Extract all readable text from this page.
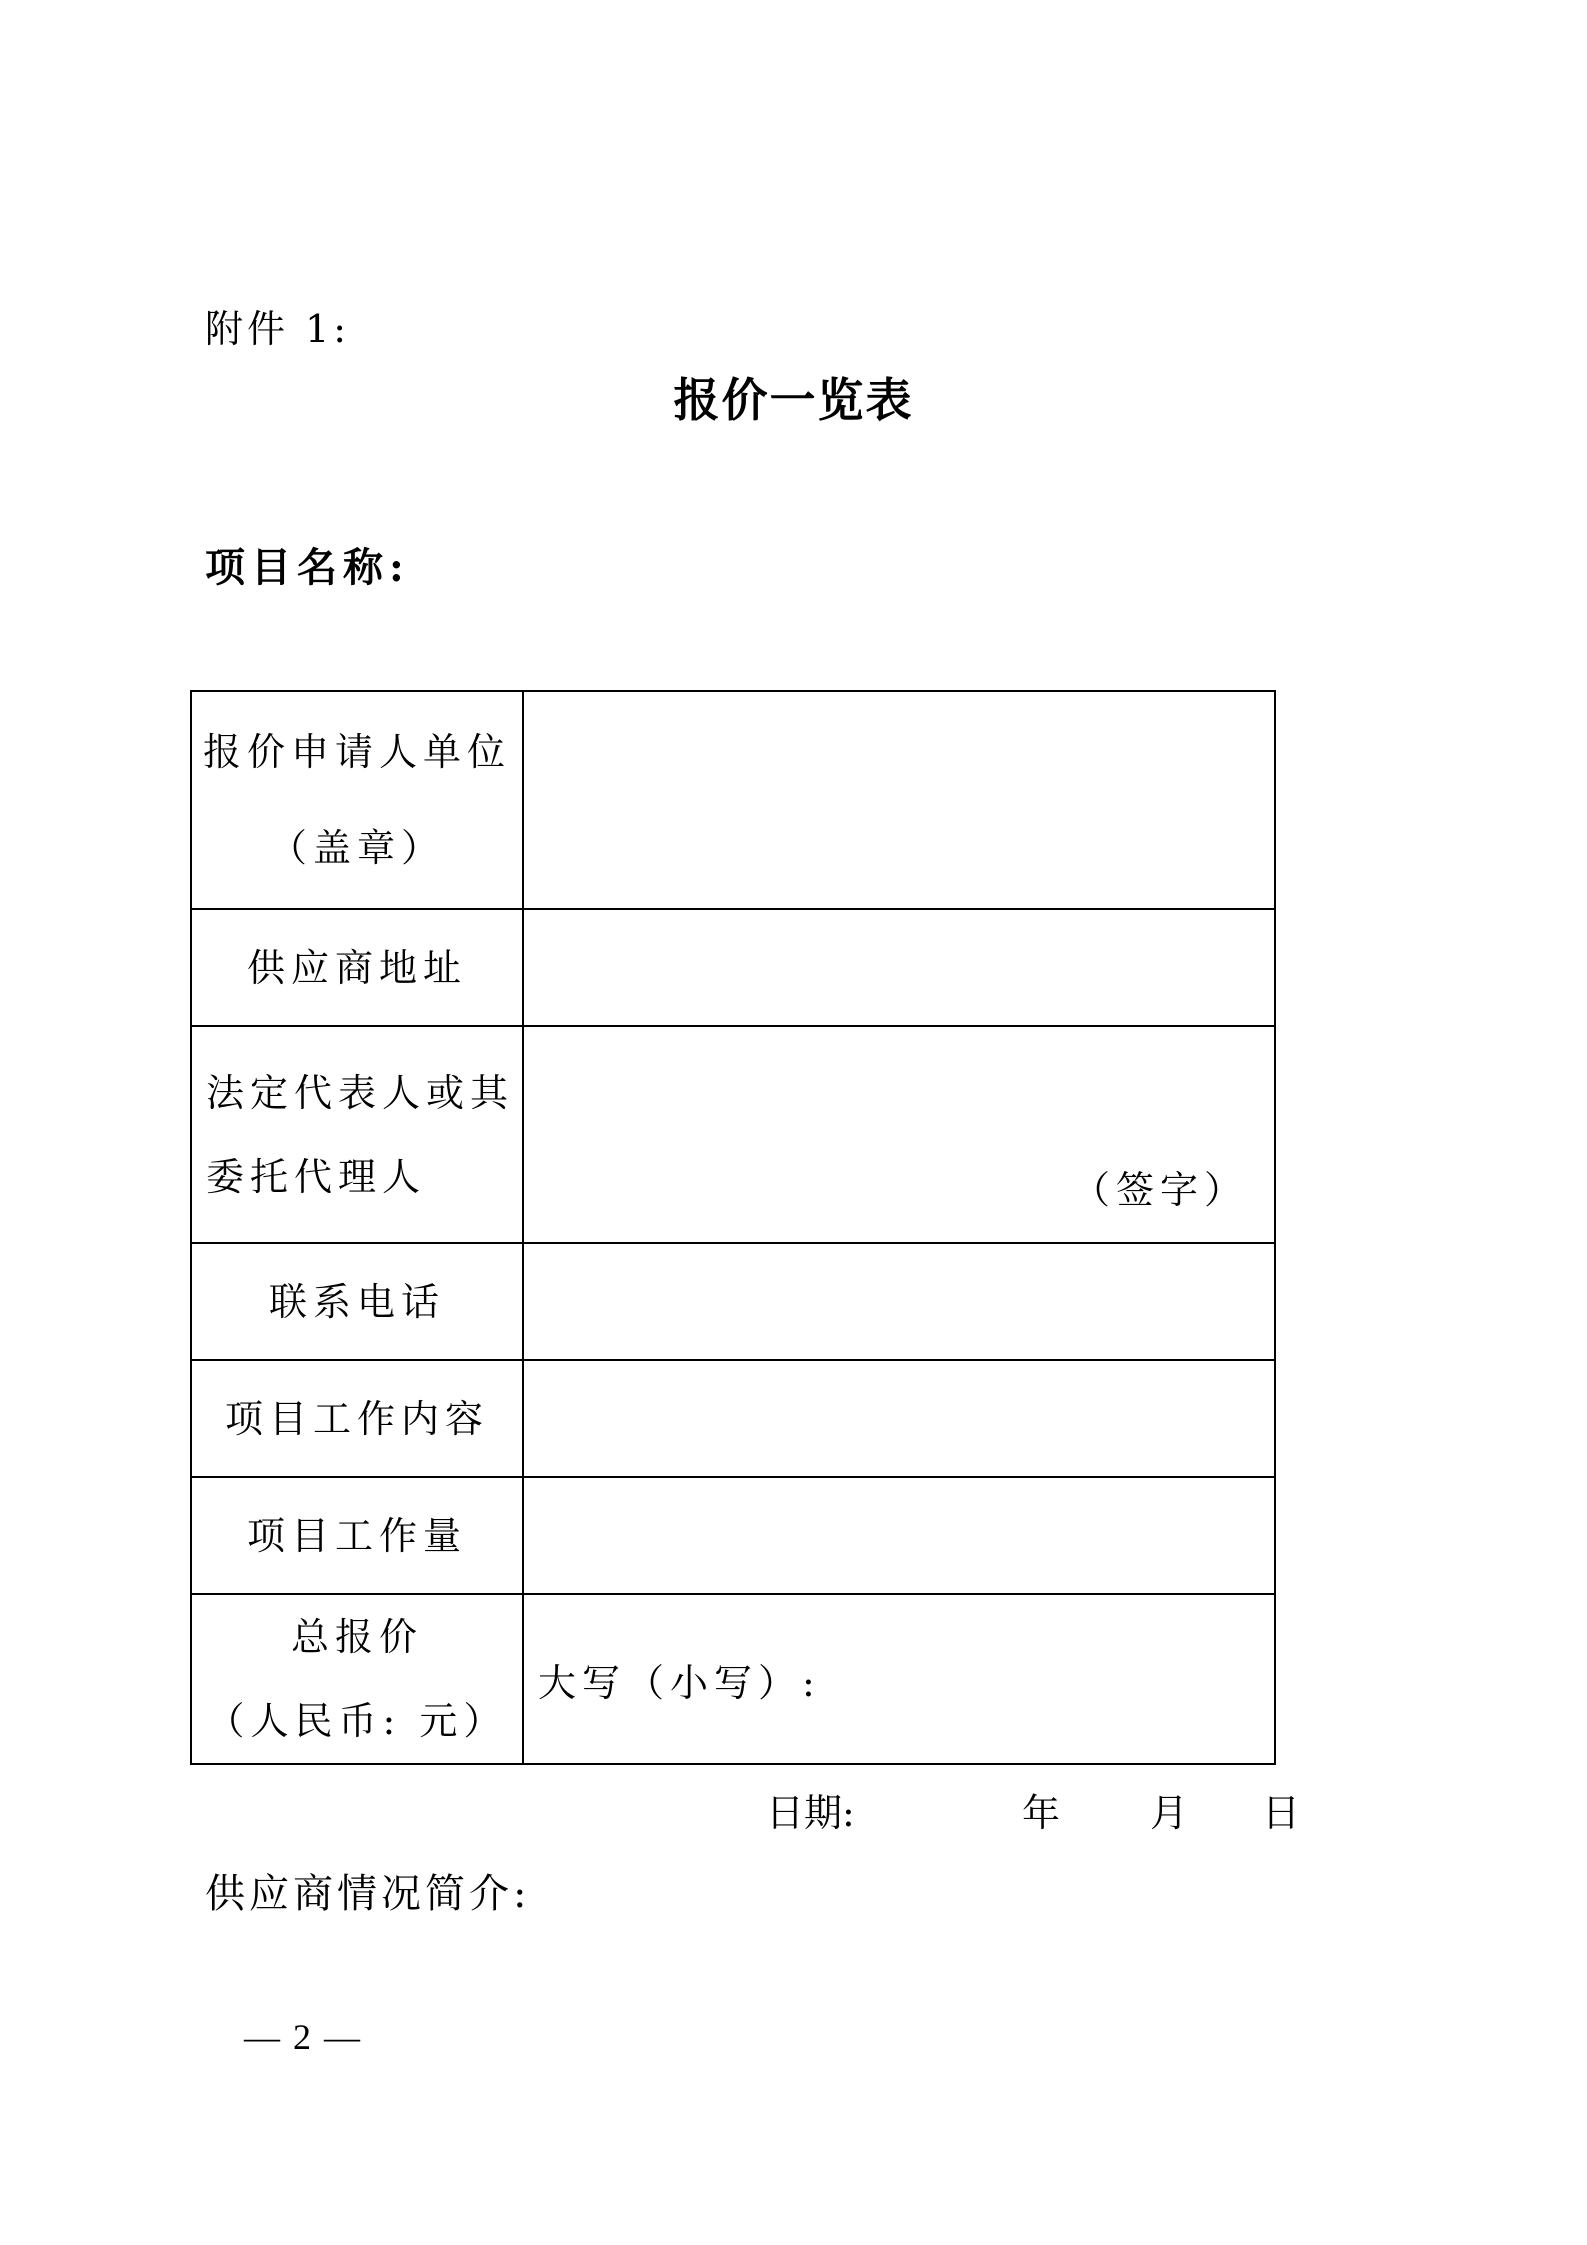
附件 1:
报价一览表
项目名称:
报价申请人单位
（盖章）	

供应商地址	

法定代表人或其
委托代理人	（签字）

联系电话	

项目工作内容	

项目工作量	

总报价
（人民币: 元）	大写（小写）:
日期:	年 月 日
供应商情况简介:
— 2 —
